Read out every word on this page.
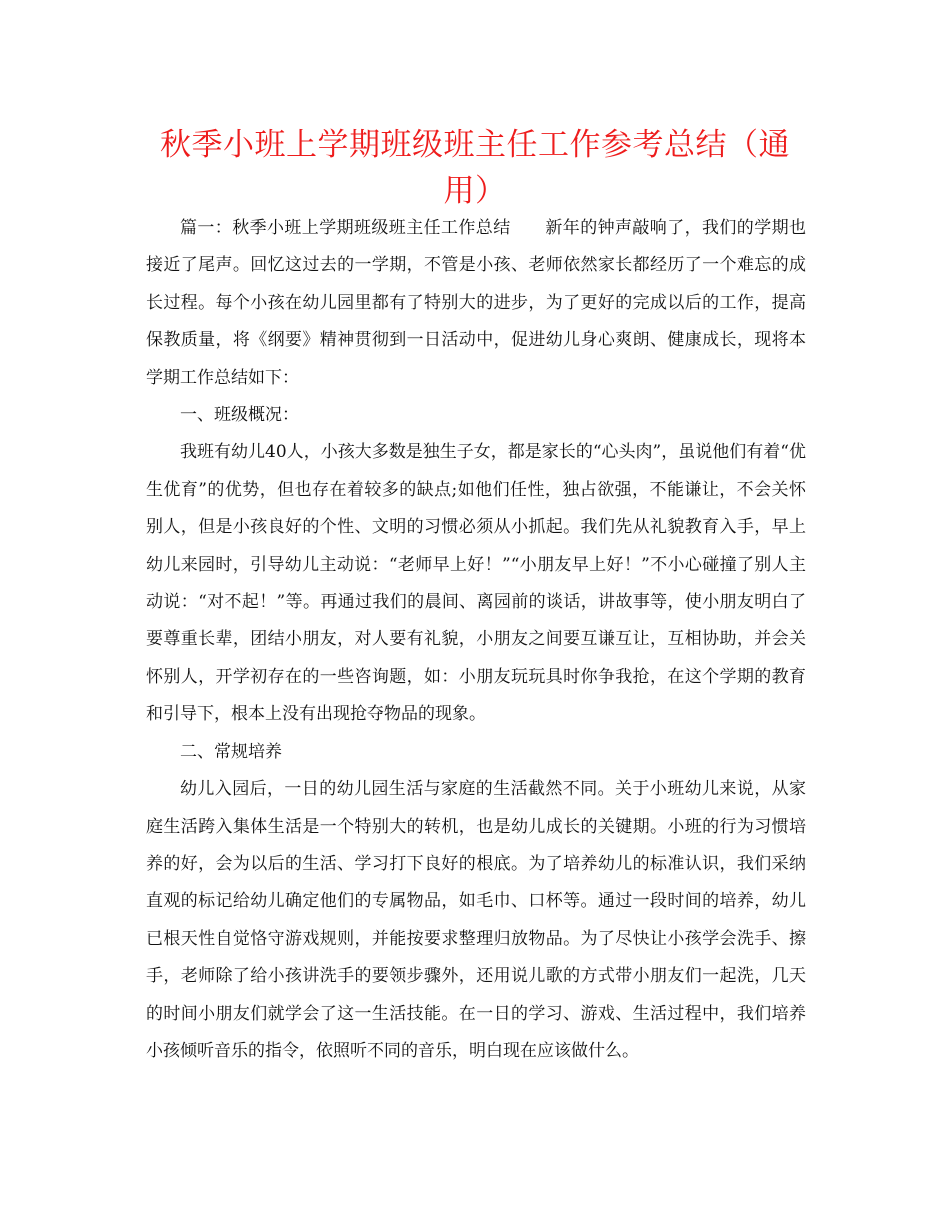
秋季小班上学期班级班主任工作参考总结（通用）

篇一：秋季小班上学期班级班主任工作总结　　新年的钟声敲响了，我们的学期也接近了尾声。回忆这过去的一学期，不管是小孩、老师依然家长都经历了一个难忘的成长过程。每个小孩在幼儿园里都有了特别大的进步，为了更好的完成以后的工作，提高保教质量，将《纲要》精神贯彻到一日活动中，促进幼儿身心爽朗、健康成长，现将本学期工作总结如下：

一、班级概况：

我班有幼儿40人，小孩大多数是独生子女，都是家长的“心头肉”，虽说他们有着“优生优育”的优势，但也存在着较多的缺点;如他们任性，独占欲强，不能谦让，不会关怀别人，但是小孩良好的个性、文明的习惯必须从小抓起。我们先从礼貌教育入手，早上幼儿来园时，引导幼儿主动说：“老师早上好！”“小朋友早上好！”不小心碰撞了别人主动说：“对不起！”等。再通过我们的晨间、离园前的谈话，讲故事等，使小朋友明白了要尊重长辈，团结小朋友，对人要有礼貌，小朋友之间要互谦互让，互相协助，并会关怀别人，开学初存在的一些咨询题，如：小朋友玩玩具时你争我抢，在这个学期的教育和引导下，根本上没有出现抢夺物品的现象。

二、常规培养

幼儿入园后，一日的幼儿园生活与家庭的生活截然不同。关于小班幼儿来说，从家庭生活跨入集体生活是一个特别大的转机，也是幼儿成长的关键期。小班的行为习惯培养的好，会为以后的生活、学习打下良好的根底。为了培养幼儿的标准认识，我们采纳直观的标记给幼儿确定他们的专属物品，如毛巾、口杯等。通过一段时间的培养，幼儿已根天性自觉恪守游戏规则，并能按要求整理归放物品。为了尽快让小孩学会洗手、擦手，老师除了给小孩讲洗手的要领步骤外，还用说儿歌的方式带小朋友们一起洗，几天的时间小朋友们就学会了这一生活技能。在一日的学习、游戏、生活过程中，我们培养小孩倾听音乐的指令，依照听不同的音乐，明白现在应该做什么。
